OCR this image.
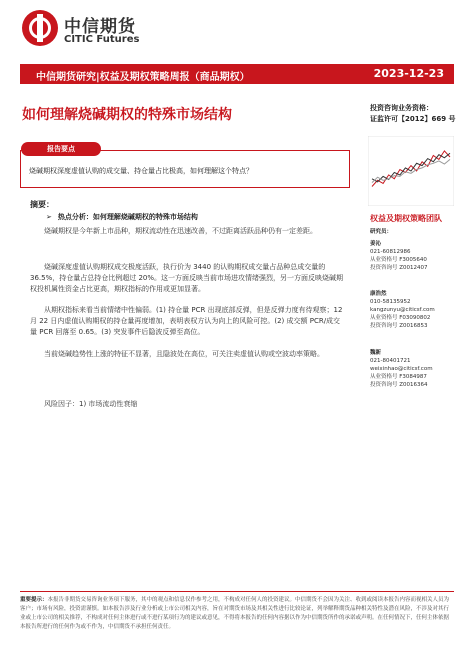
中信期货
CITIC Futures
中信期货研究|权益及期权策略周报（商品期权）	2023-12-23
如何理解烧碱期权的特殊市场结构	投资咨询业务资格：
证监许可【2012】669 号
报告要点
烧碱期权深度虚值认购的成交量、持仓量占比极高，如何理解这个特点？
摘要：
➢ 热点分析：如何理解烧碱期权的特殊市场结构
烧碱期权是今年新上市品种，期权流动性在迅速改善，不过距离活跃品种仍有一定差距。
烧碱深度虚值认购期权成交极度活跃，执行价为 3440 的认购期权成交量占品种总成交量的 36.5%，持仓量占总持仓比例超过 20%。这一方面反映当前市场进攻情绪强烈，另一方面反映烧碱期权投机属性资金占比更高，期权指标的作用或更加显著。
从期权指标来看当前情绪中性偏弱。(1) 持仓量 PCR 出现底部反弹，但是反弹力度有待观察；12 月 22 日内虚值认购期权的持仓量再度增加，表明表权方认为向上的风险可控。(2) 成交额 PCR/成交量 PCR 回落至 0.65。(3) 突发事件后隐波反弹至高位。
当前烧碱趋势性上涨的特征不显著，且隐波处在高位，可关注卖虚值认购或空波动率策略。
风险因子：1) 市场流动性衰缩
权益及期权策略团队
研究员：
姜沁
021-60812986
从业资格号 F3005640
投资咨询号 Z0012407
康浩然
010-58135952
kangzunyu@citicsf.com
从业资格号 F03090802
投资咨询号 Z0016853
魏新
021-80401721
weixinhao@citicsf.com
从业资格号 F3084987
投资咨询号 Z0016364
重要提示：本报告非期货交易咨询业务项下服务，其中的观点和信息仅作参考之用，不构成对任何人的投资建议。中信期货不会因为关注、收到或阅读本报告内容而视相关人员为客户；市场有风险，投资需谨慎。如本报告涉及行业分析或上市公司相关内容，旨在对期货市场及其相关性进行比较论证，列举解释期货品种相关特性及潜在风险，不涉及对其行业或上市公司的相关推荐，不构成对任何主体进行或不进行某项行为的建议或意见，不得将本报告的任何内容据以作为中信期货所作的承诺或声明。在任何情况下，任何主体依据本报告所进行的任何作为或不作为，中信期货不承担任何责任。
